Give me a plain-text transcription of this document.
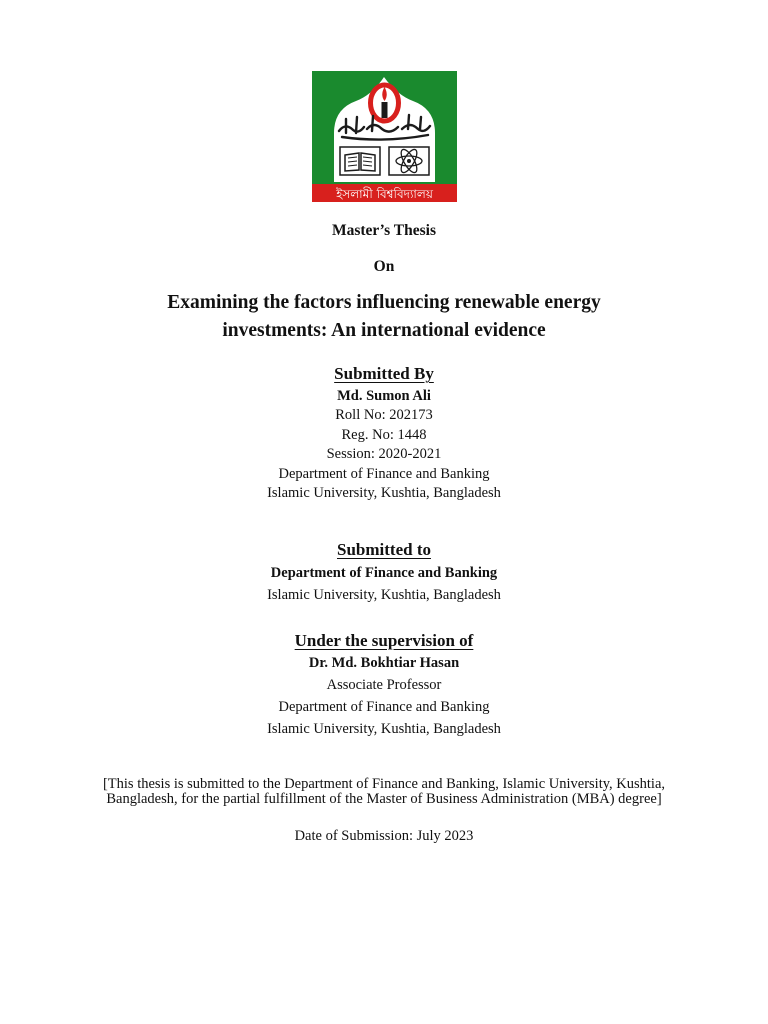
ইসলামী বিশ্ববিদ্যালয়
Master’s Thesis
On
Examining the factors influencing renewable energy
investments: An international evidence
Submitted By
Md. Sumon Ali
Roll No: 202173
Reg. No: 1448
Session: 2020-2021
Department of Finance and Banking
Islamic University, Kushtia, Bangladesh
Submitted to
Department of Finance and Banking
Islamic University, Kushtia, Bangladesh
Under the supervision of
Dr. Md. Bokhtiar Hasan
Associate Professor
Department of Finance and Banking
Islamic University, Kushtia, Bangladesh
[This thesis is submitted to the Department of Finance and Banking, Islamic University, Kushtia,
Bangladesh, for the partial fulfillment of the Master of Business Administration (MBA) degree]
Date of Submission: July 2023
